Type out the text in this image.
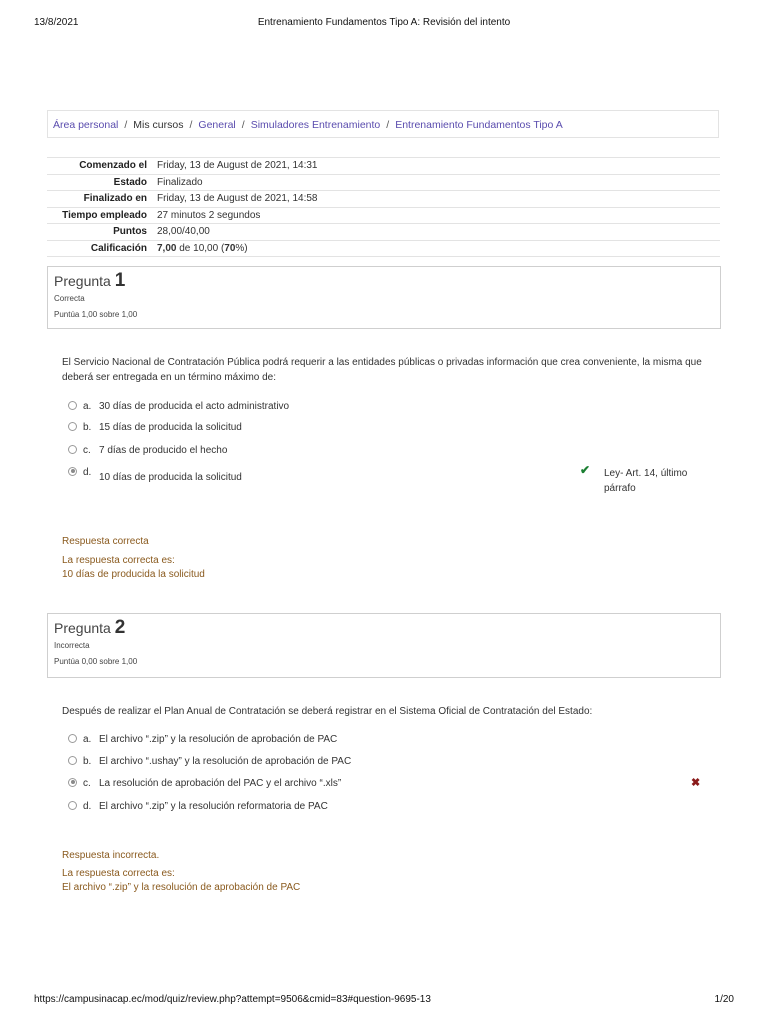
13/8/2021	Entrenamiento Fundamentos Tipo A: Revisión del intento
Área personal / Mis cursos / General / Simuladores Entrenamiento / Entrenamiento Fundamentos Tipo A
Comenzado el	Friday, 13 de August de 2021, 14:31
Estado	Finalizado
Finalizado en	Friday, 13 de August de 2021, 14:58
Tiempo empleado	27 minutos 2 segundos
Puntos	28,00/40,00
Calificación	7,00 de 10,00 (70%)
Pregunta 1
Correcta
Puntúa 1,00 sobre 1,00
El Servicio Nacional de Contratación Pública podrá requerir a las entidades públicas o privadas información que crea conveniente, la misma que deberá ser entregada en un término máximo de:
a. 30 días de producida el acto administrativo
b. 15 días de producida la solicitud
c. 7 días de producido el hecho
d. 10 días de producida la solicitud
✔ Ley- Art. 14, último párrafo
Respuesta correcta
La respuesta correcta es:
10 días de producida la solicitud
Pregunta 2
Incorrecta
Puntúa 0,00 sobre 1,00
Después de realizar el Plan Anual de Contratación se deberá registrar en el Sistema Oficial de Contratación del Estado:
a. El archivo “.zip” y la resolución de aprobación de PAC
b. El archivo “.ushay” y la resolución de aprobación de PAC
c. La resolución de aprobación del PAC y el archivo “.xls”
d. El archivo “.zip” y la resolución reformatoria de PAC
✖
Respuesta incorrecta.
La respuesta correcta es:
El archivo “.zip” y la resolución de aprobación de PAC
https://campusinacap.ec/mod/quiz/review.php?attempt=9506&cmid=83#question-9695-13	1/20
